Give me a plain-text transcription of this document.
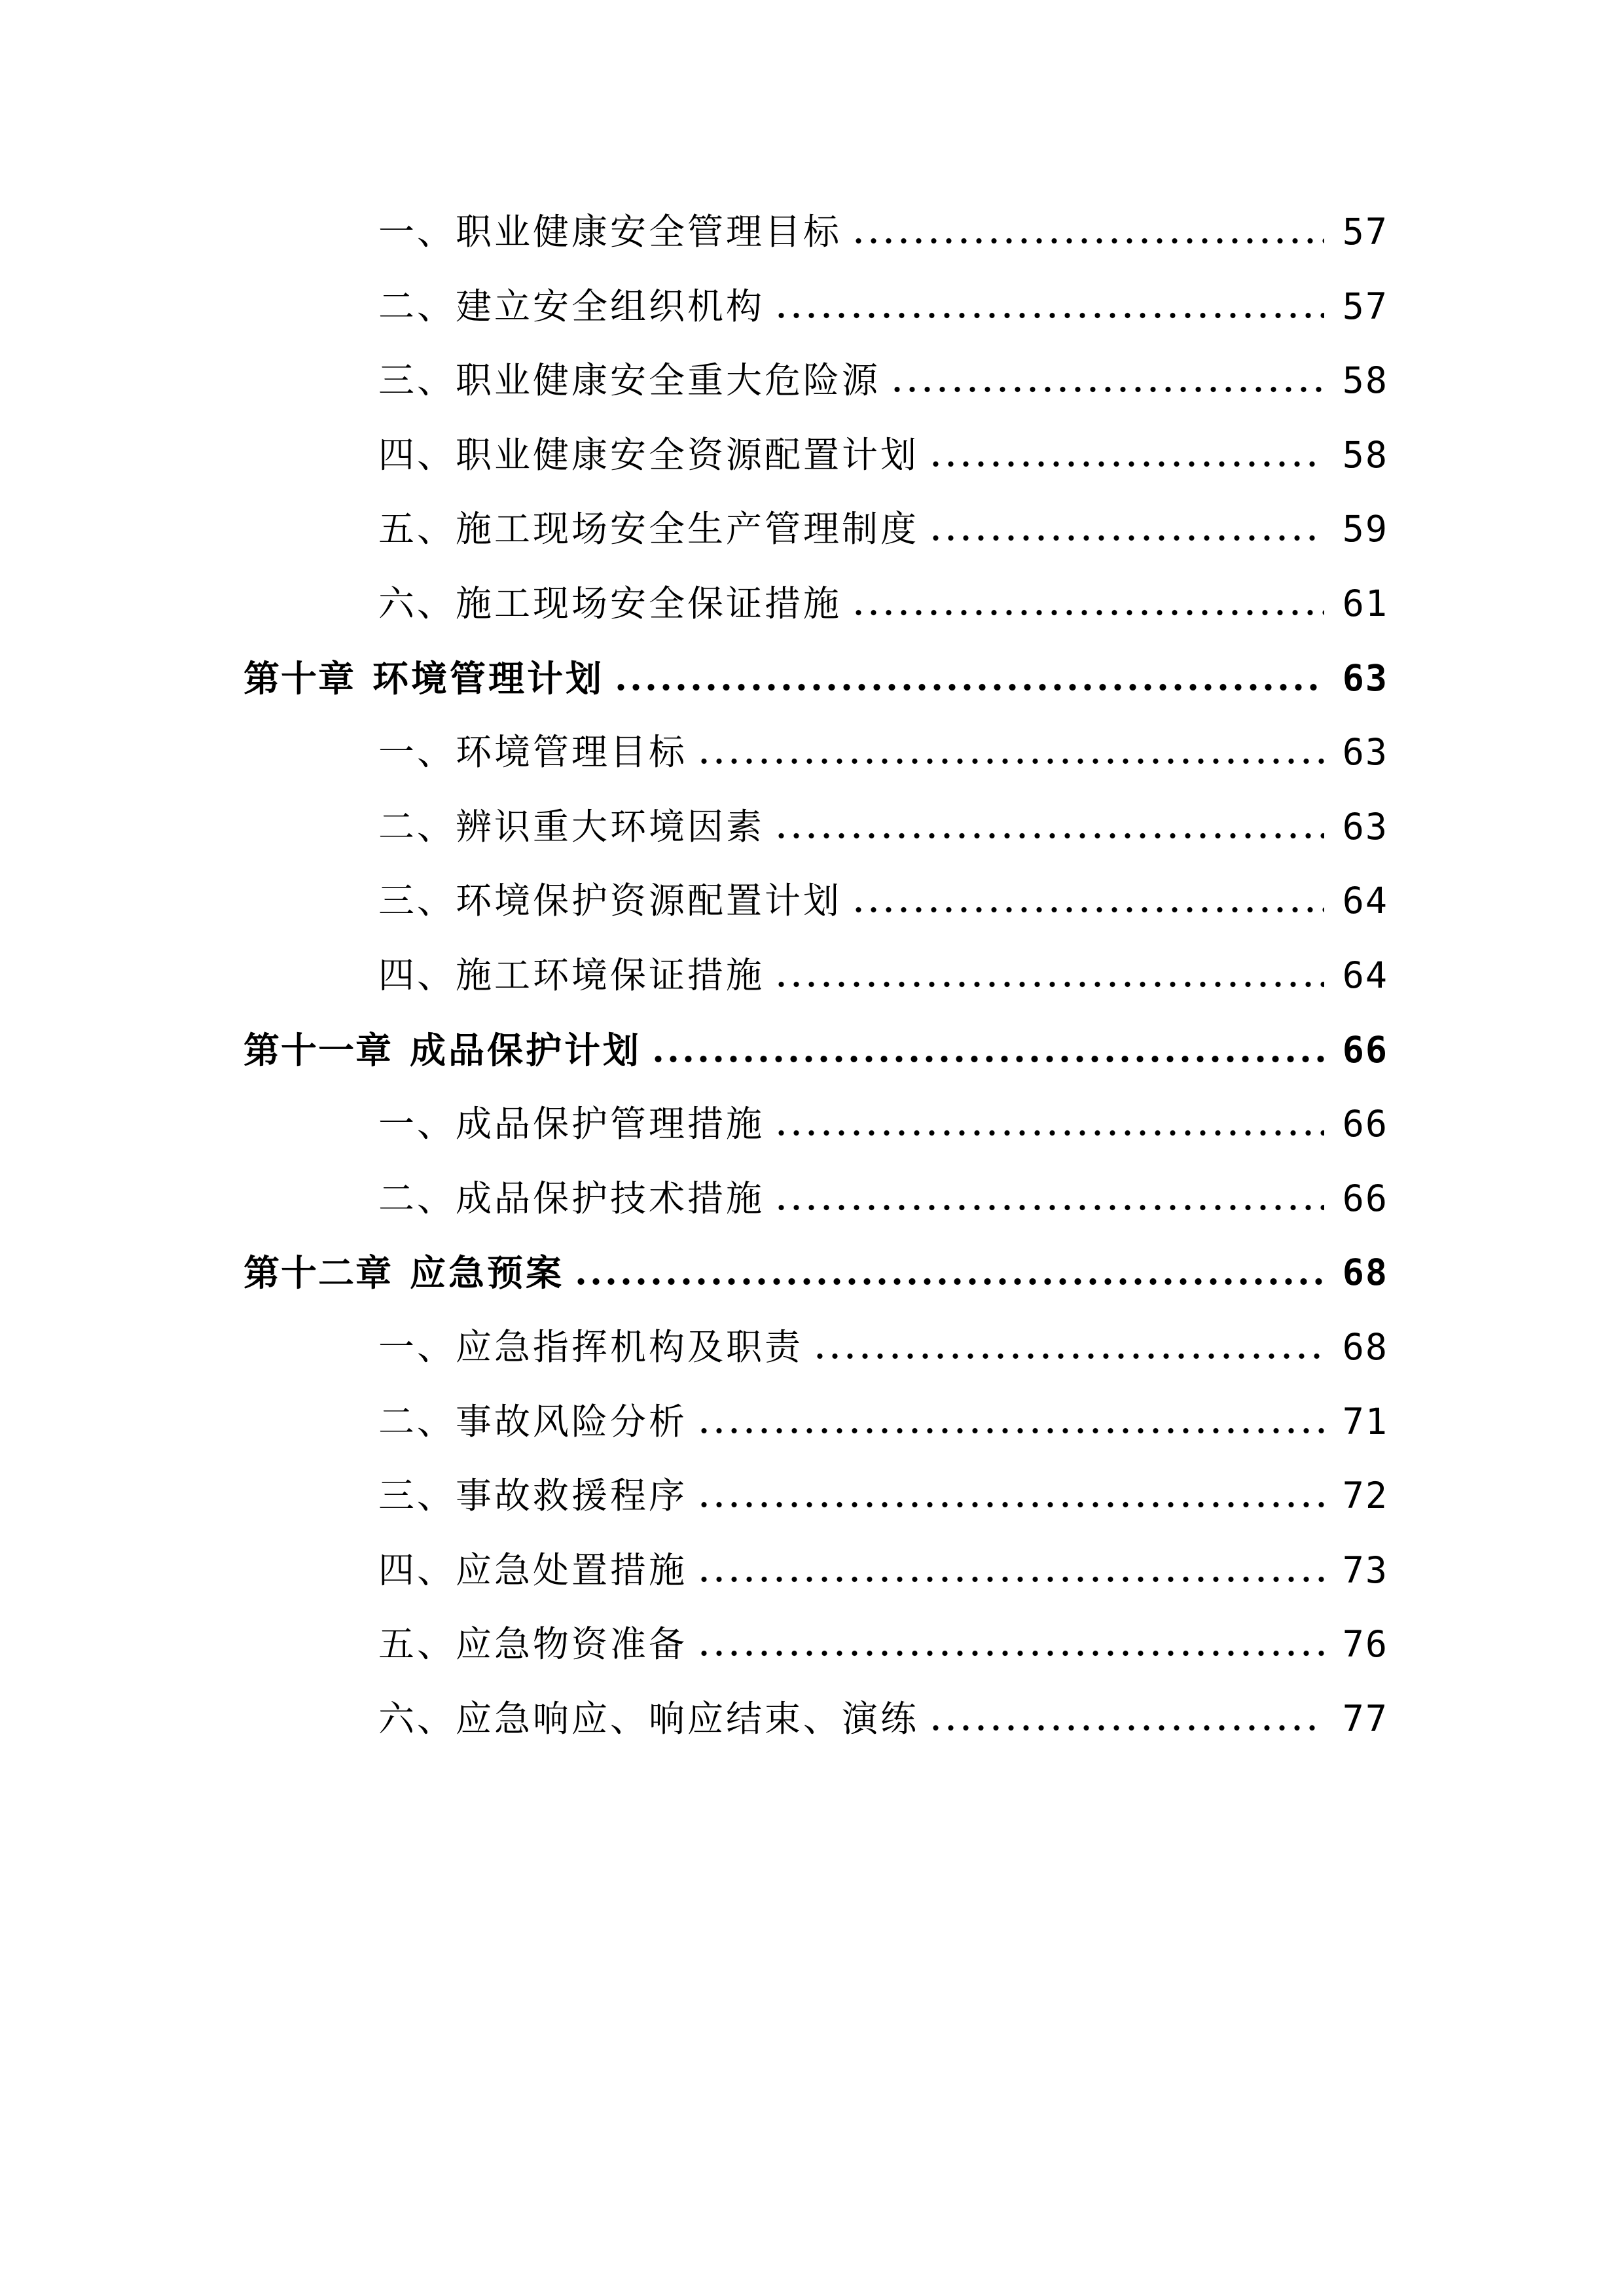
一、职业健康安全管理目标	57
二、建立安全组织机构	57
三、职业健康安全重大危险源	58
四、职业健康安全资源配置计划	58
五、施工现场安全生产管理制度	59
六、施工现场安全保证措施	61
第十章 环境管理计划	63
一、环境管理目标	63
二、辨识重大环境因素	63
三、环境保护资源配置计划	64
四、施工环境保证措施	64
第十一章 成品保护计划	66
一、成品保护管理措施	66
二、成品保护技术措施	66
第十二章 应急预案	68
一、应急指挥机构及职责	68
二、事故风险分析	71
三、事故救援程序	72
四、应急处置措施	73
五、应急物资准备	76
六、应急响应、响应结束、演练	77
